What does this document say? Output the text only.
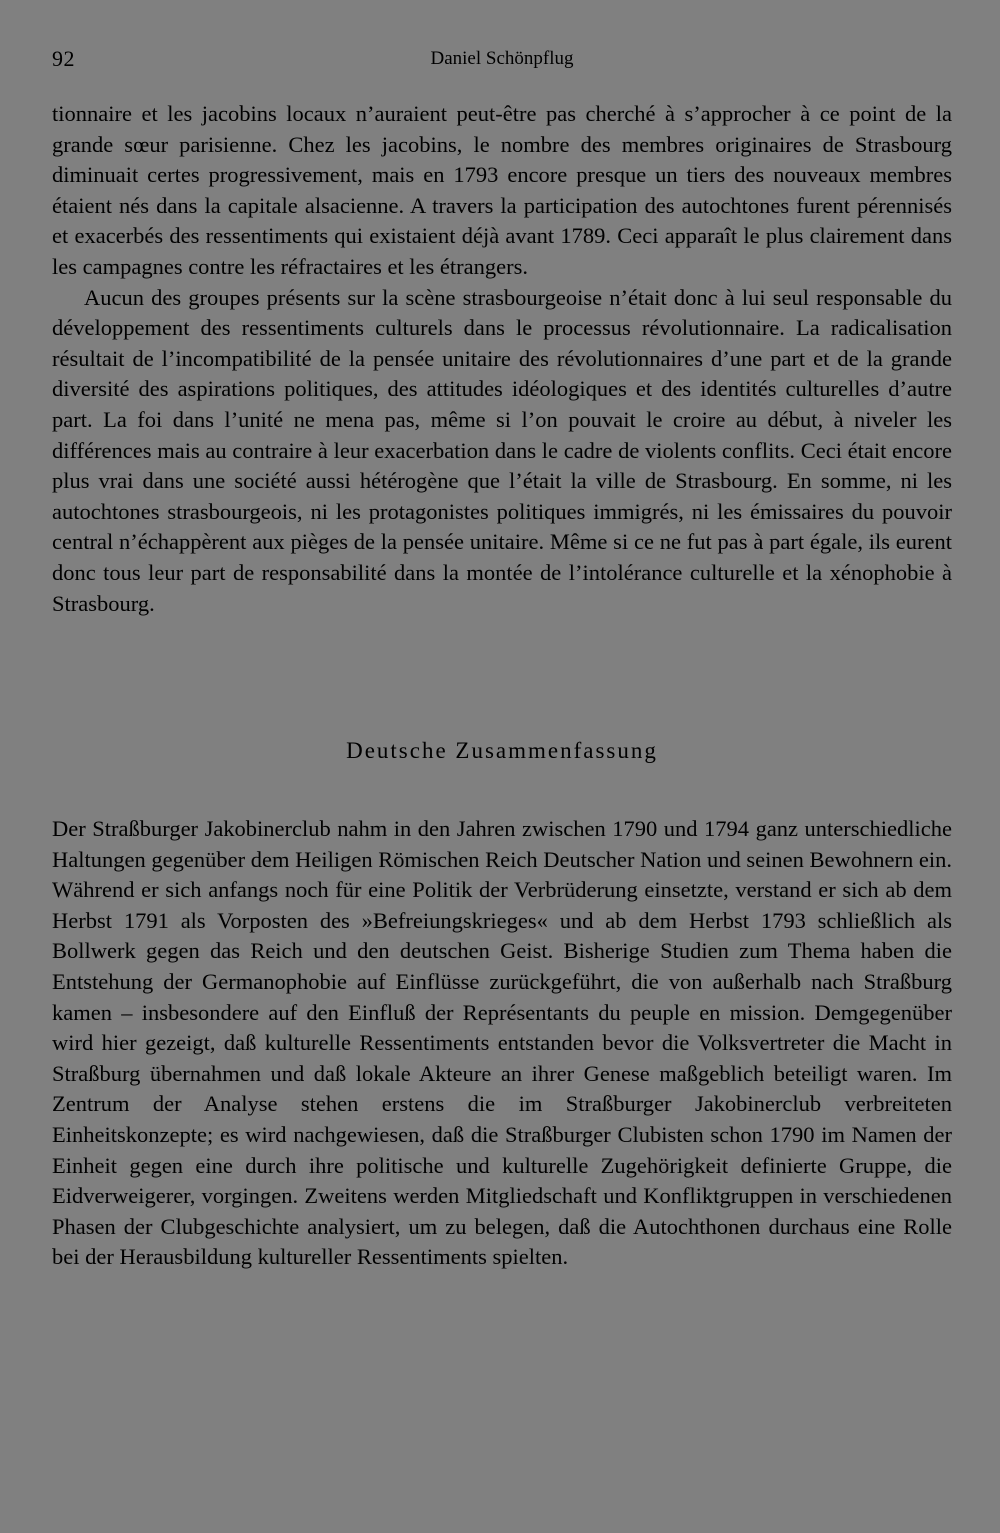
92	Daniel Schönpflug

tionnaire et les jacobins locaux n’auraient peut-être pas cherché à s’approcher à ce point de la grande sœur parisienne. Chez les jacobins, le nombre des membres originaires de Strasbourg diminuait certes progressivement, mais en 1793 encore presque un tiers des nouveaux membres étaient nés dans la capitale alsacienne. A travers la participation des autochtones furent pérennisés et exacerbés des ressentiments qui existaient déjà avant 1789. Ceci apparaît le plus clairement dans les campagnes contre les réfractaires et les étrangers.

Aucun des groupes présents sur la scène strasbourgeoise n’était donc à lui seul responsable du développement des ressentiments culturels dans le processus révolutionnaire. La radicalisation résultait de l’incompatibilité de la pensée unitaire des révolutionnaires d’une part et de la grande diversité des aspirations politiques, des attitudes idéologiques et des identités culturelles d’autre part. La foi dans l’unité ne mena pas, même si l’on pouvait le croire au début, à niveler les différences mais au contraire à leur exacerbation dans le cadre de violents conflits. Ceci était encore plus vrai dans une société aussi hétérogène que l’était la ville de Strasbourg. En somme, ni les autochtones strasbourgeois, ni les protagonistes politiques immigrés, ni les émissaires du pouvoir central n’échappèrent aux pièges de la pensée unitaire. Même si ce ne fut pas à part égale, ils eurent donc tous leur part de responsabilité dans la montée de l’intolérance culturelle et la xénophobie à Strasbourg.

Deutsche Zusammenfassung

Der Straßburger Jakobinerclub nahm in den Jahren zwischen 1790 und 1794 ganz unterschiedliche Haltungen gegenüber dem Heiligen Römischen Reich Deutscher Nation und seinen Bewohnern ein. Während er sich anfangs noch für eine Politik der Verbrüderung einsetzte, verstand er sich ab dem Herbst 1791 als Vorposten des »Befreiungskrieges« und ab dem Herbst 1793 schließlich als Bollwerk gegen das Reich und den deutschen Geist. Bisherige Studien zum Thema haben die Entstehung der Germanophobie auf Einflüsse zurückgeführt, die von außerhalb nach Straßburg kamen – insbesondere auf den Einfluß der Représentants du peuple en mission. Demgegenüber wird hier gezeigt, daß kulturelle Ressentiments entstanden bevor die Volksvertreter die Macht in Straßburg übernahmen und daß lokale Akteure an ihrer Genese maßgeblich beteiligt waren. Im Zentrum der Analyse stehen erstens die im Straßburger Jakobinerclub verbreiteten Einheitskonzepte; es wird nachgewiesen, daß die Straßburger Clubisten schon 1790 im Namen der Einheit gegen eine durch ihre politische und kulturelle Zugehörigkeit definierte Gruppe, die Eidverweigerer, vorgingen. Zweitens werden Mitgliedschaft und Konfliktgruppen in verschiedenen Phasen der Clubgeschichte analysiert, um zu belegen, daß die Autochthonen durchaus eine Rolle bei der Herausbildung kultureller Ressentiments spielten.
